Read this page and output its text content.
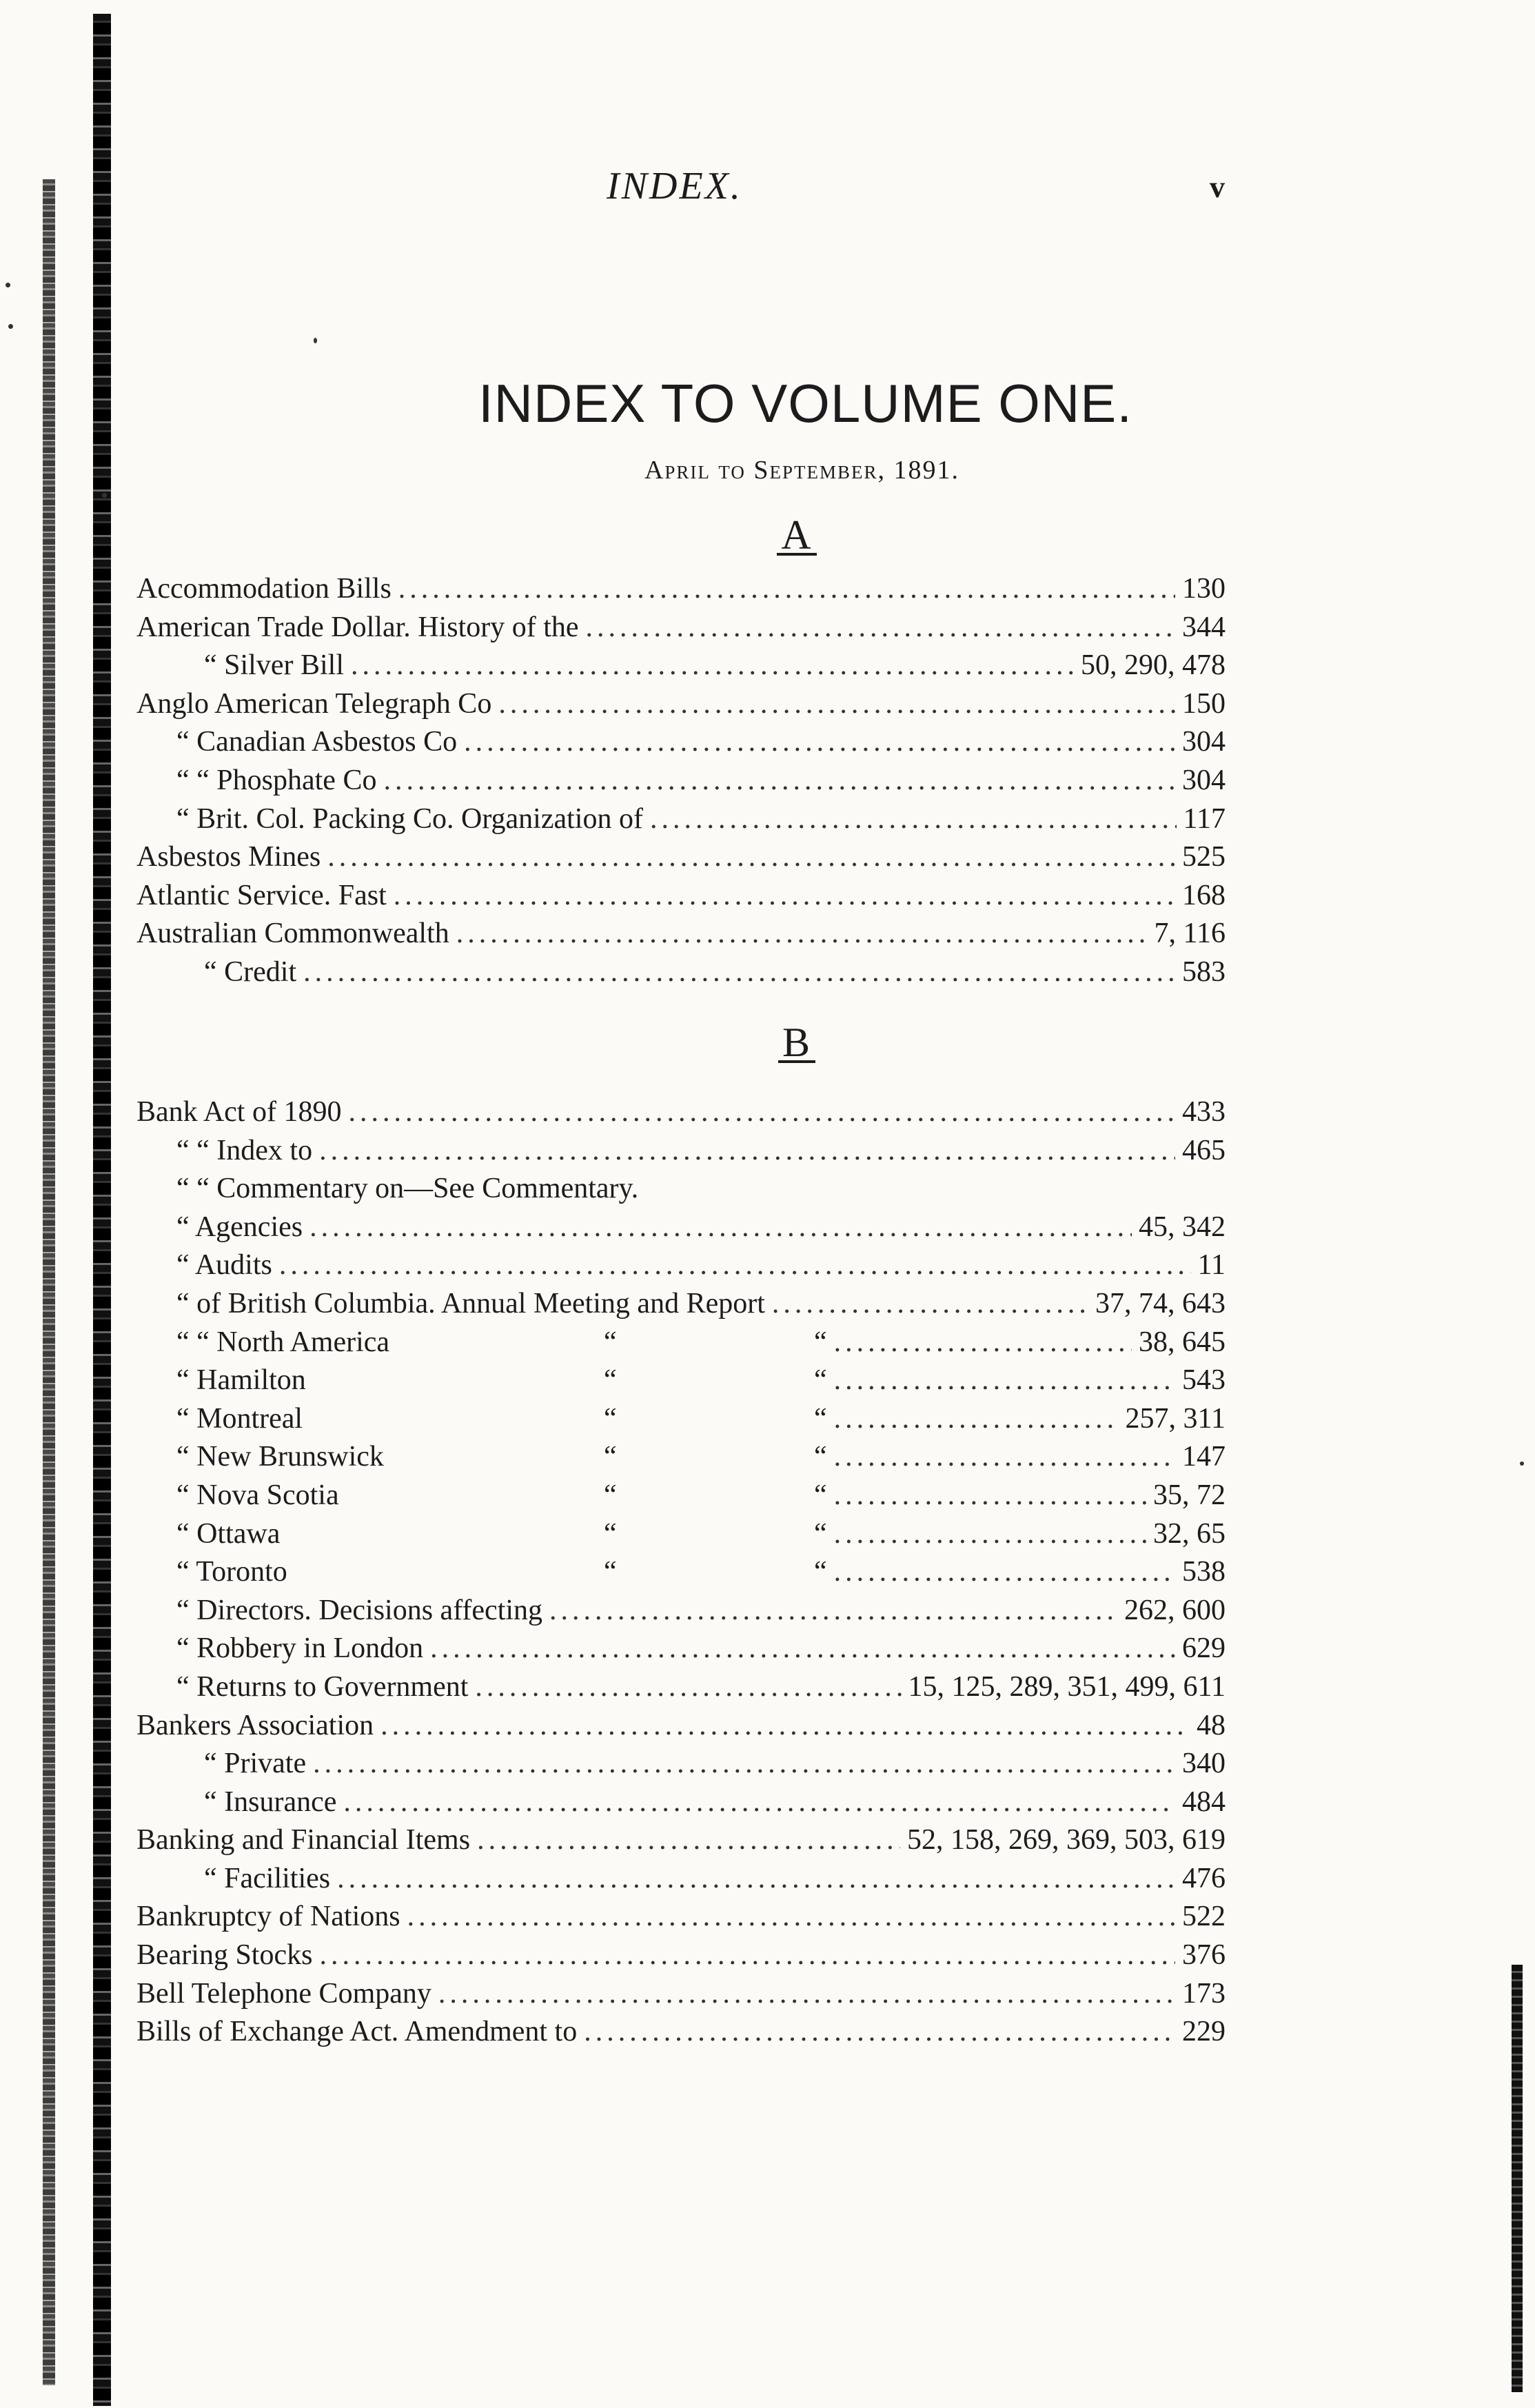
INDEX.	v
INDEX TO VOLUME ONE.
April to September, 1891.
A
Accommodation Bills .....	130
American Trade Dollar. History of the .....	344
“ Silver Bill .....	50, 290, 478
Anglo American Telegraph Co .....	150
“ Canadian Asbestos Co .....	304
“ “ Phosphate Co .....	304
“ Brit. Col. Packing Co. Organization of .....	117
Asbestos Mines .....	525
Atlantic Service. Fast .....	168
Australian Commonwealth .....	7, 116
“ Credit .....	583
B
Bank Act of 1890 .....	433
“ “ Index to .....	465
“ “ Commentary on—See Commentary.
“ Agencies .....	45, 342
“ Audits .....	11
“ of British Columbia. Annual Meeting and Report .....	37, 74, 643
“ “ North America	“	“ .....	38, 645
“ Hamilton	“	“ .....	543
“ Montreal	“	“ .....	257, 311
“ New Brunswick	“	“ .....	147
“ Nova Scotia	“	“ .....	35, 72
“ Ottawa	“	“ .....	32, 65
“ Toronto	“	“ .....	538
“ Directors. Decisions affecting .....	262, 600
“ Robbery in London .....	629
“ Returns to Government .....	15, 125, 289, 351, 499, 611
Bankers Association .....	48
“ Private .....	340
“ Insurance .....	484
Banking and Financial Items .....	52, 158, 269, 369, 503, 619
“ Facilities .....	476
Bankruptcy of Nations .....	522
Bearing Stocks .....	376
Bell Telephone Company .....	173
Bills of Exchange Act. Amendment to .....	229
